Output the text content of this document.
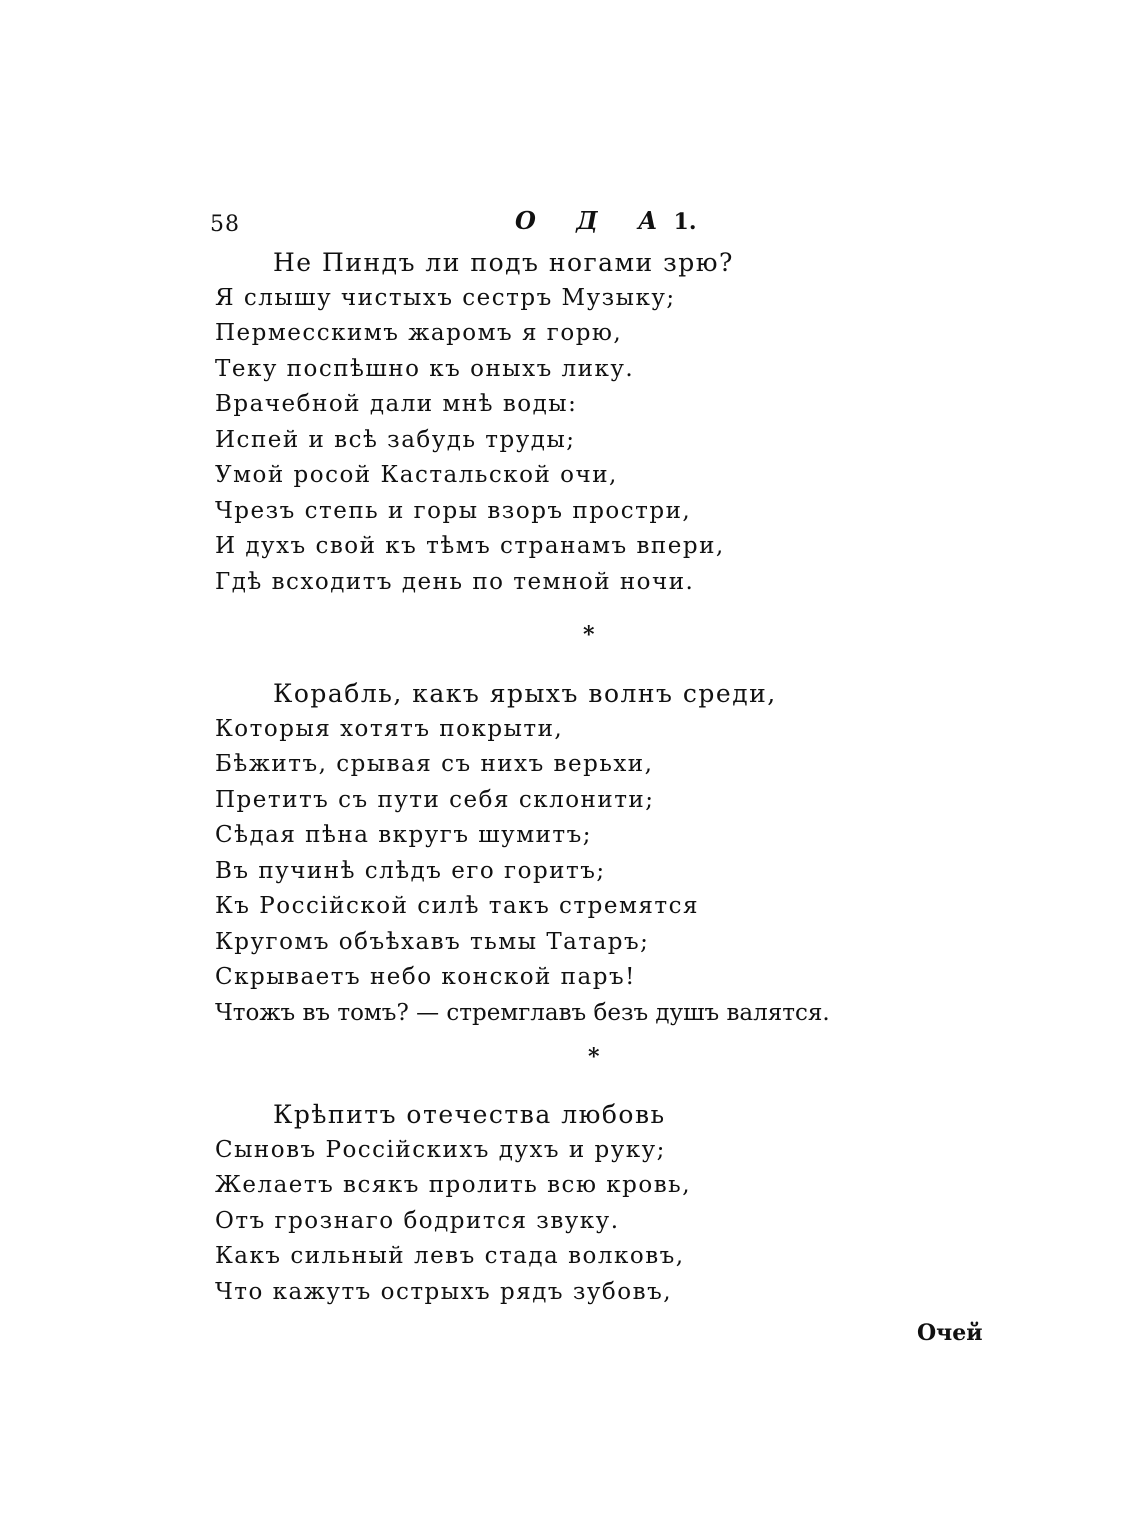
58	О Д А1.
Не Пиндъ ли подъ ногами зрю?
Я слышу чистыхъ сестръ Музыку;
Пермесскимъ жаромъ я горю,
Теку поспѣшно къ оныхъ лику.
Врачебной дали мнѣ воды:
Испей и всѣ забудь труды;
Умой росой Кастальской очи,
Чрезъ степь и горы взоръ простри,
И духъ свой къ тѣмъ странамъ впери,
Гдѣ всходитъ день по темной ночи.
*
Корабль, какъ ярыхъ волнъ среди,
Которыя хотятъ покрыти,
Бѣжитъ, срывая съ нихъ верьхи,
Претитъ съ пути себя склонити;
Сѣдая пѣна вкругъ шумитъ;
Въ пучинѣ слѣдъ его горитъ;
Къ Россiйской силѣ такъ стремятся
Кругомъ объѣхавъ тьмы Татаръ;
Скрываетъ небо конской паръ!
Чтожъ въ томъ? — стремглавъ безъ душъ валятся.
*
Крѣпитъ отечества любовь
Сыновъ Россiйскихъ духъ и руку;
Желаетъ всякъ пролить всю кровь,
Отъ грознаго бодрится звуку.
Какъ сильный левъ стада волковъ,
Что кажутъ острыхъ рядъ зубовъ,
Очей
